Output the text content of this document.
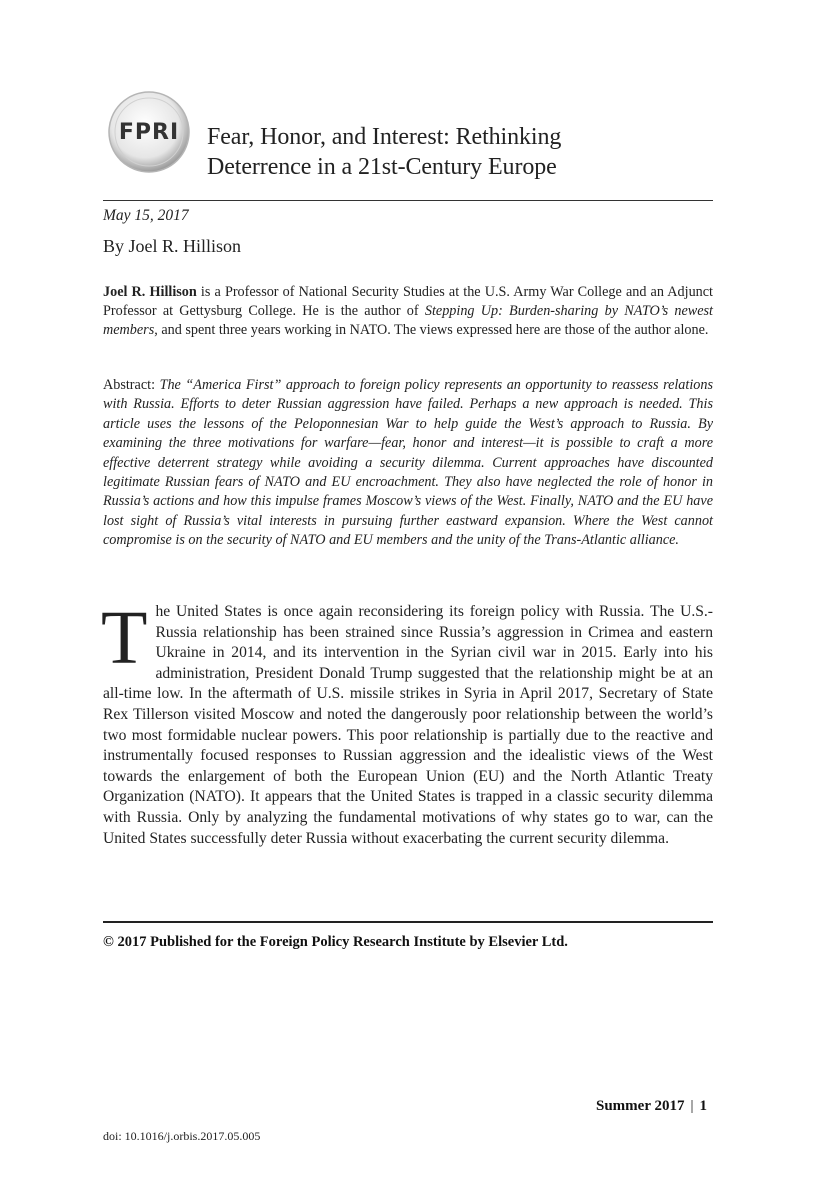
FPRI Fear, Honor, and Interest: Rethinking
Deterrence in a 21st-Century Europe
May 15, 2017
By Joel R. Hillison
Joel R. Hillison is a Professor of National Security Studies at the U.S. Army War College and an Adjunct Professor at Gettysburg College. He is the author of Stepping Up: Burden-sharing by NATO’s newest members, and spent three years working in NATO. The views expressed here are those of the author alone.
Abstract: The “America First” approach to foreign policy represents an opportunity to reassess relations with Russia. Efforts to deter Russian aggression have failed. Perhaps a new approach is needed. This article uses the lessons of the Peloponnesian War to help guide the West’s approach to Russia. By examining the three motivations for warfare—fear, honor and interest—it is possible to craft a more effective deterrent strategy while avoiding a security dilemma. Current approaches have discounted legitimate Russian fears of NATO and EU encroachment. They also have neglected the role of honor in Russia’s actions and how this impulse frames Moscow’s views of the West. Finally, NATO and the EU have lost sight of Russia’s vital interests in pursuing further eastward expansion. Where the West cannot compromise is on the security of NATO and EU members and the unity of the Trans-Atlantic alliance.
The United States is once again reconsidering its foreign policy with Russia. The U.S.-Russia relationship has been strained since Russia’s aggression in Crimea and eastern Ukraine in 2014, and its intervention in the Syrian civil war in 2015. Early into his administration, President Donald Trump suggested that the relationship might be at an all-time low. In the aftermath of U.S. missile strikes in Syria in April 2017, Secretary of State Rex Tillerson visited Moscow and noted the dangerously poor relationship between the world’s two most formidable nuclear powers. This poor relationship is partially due to the reactive and instrumentally focused responses to Russian aggression and the idealistic views of the West towards the enlargement of both the European Union (EU) and the North Atlantic Treaty Organization (NATO). It appears that the United States is trapped in a classic security dilemma with Russia. Only by analyzing the fundamental motivations of why states go to war, can the United States successfully deter Russia without exacerbating the current security dilemma.
© 2017 Published for the Foreign Policy Research Institute by Elsevier Ltd.
Summer 2017 | 1
doi: 10.1016/j.orbis.2017.05.005
